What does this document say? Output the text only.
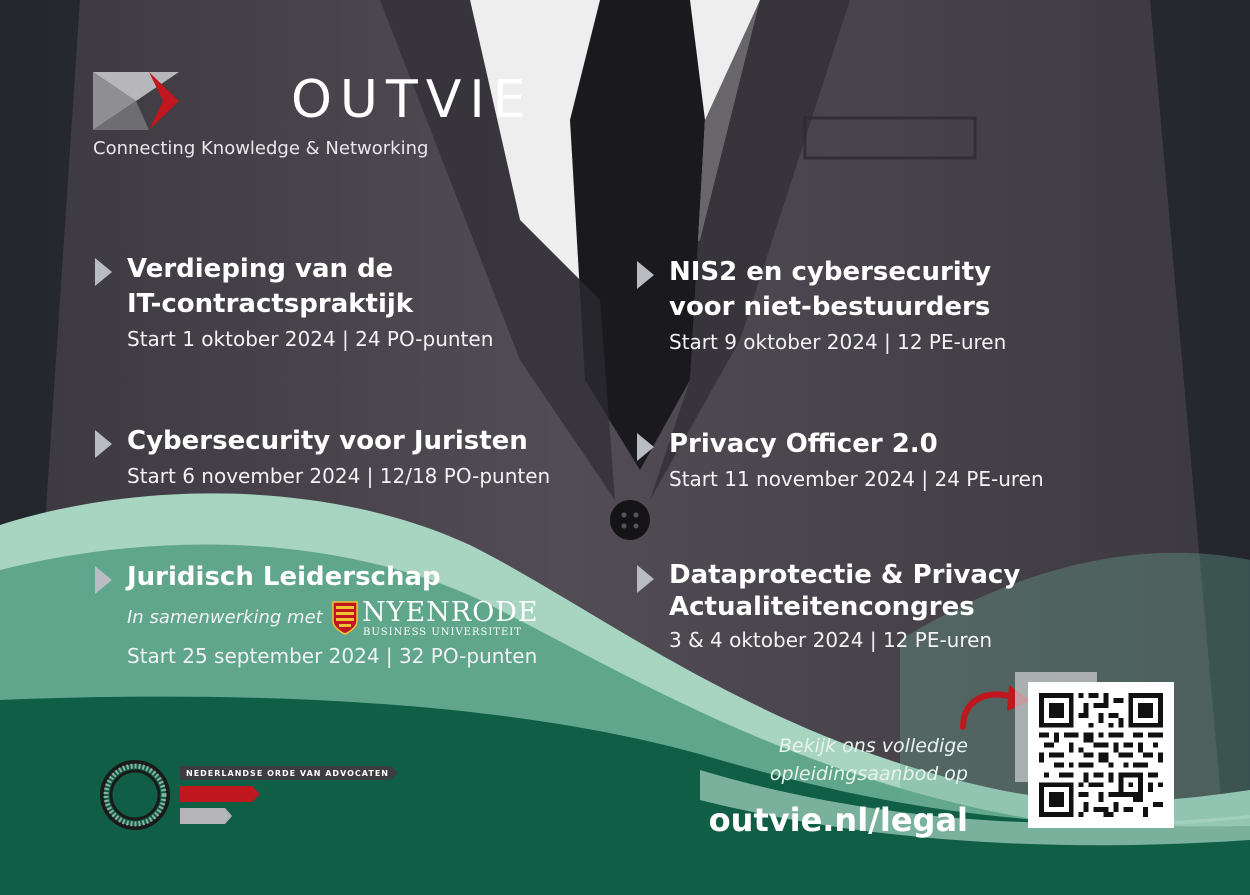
OUTVIE
Connecting Knowledge & Networking
Verdieping van de
IT-contractspraktijk
Start 1 oktober 2024 | 24 PO-punten
NIS2 en cybersecurity
voor niet-bestuurders
Start 9 oktober 2024 | 12 PE-uren
Cybersecurity voor Juristen
Start 6 november 2024 | 12/18 PO-punten
Privacy Officer 2.0
Start 11 november 2024 | 24 PE-uren
Juridisch Leiderschap
In samenwerking met NYENRODE
BUSINESS UNIVERSITEIT
Start 25 september 2024 | 32 PO-punten
Dataprotectie & Privacy
Actualiteitencongres
3 & 4 oktober 2024 | 12 PE-uren
NEDERLANDSE ORDE VAN ADVOCATEN
Bekijk ons volledige
opleidingsaanbod op
outvie.nl/legal
